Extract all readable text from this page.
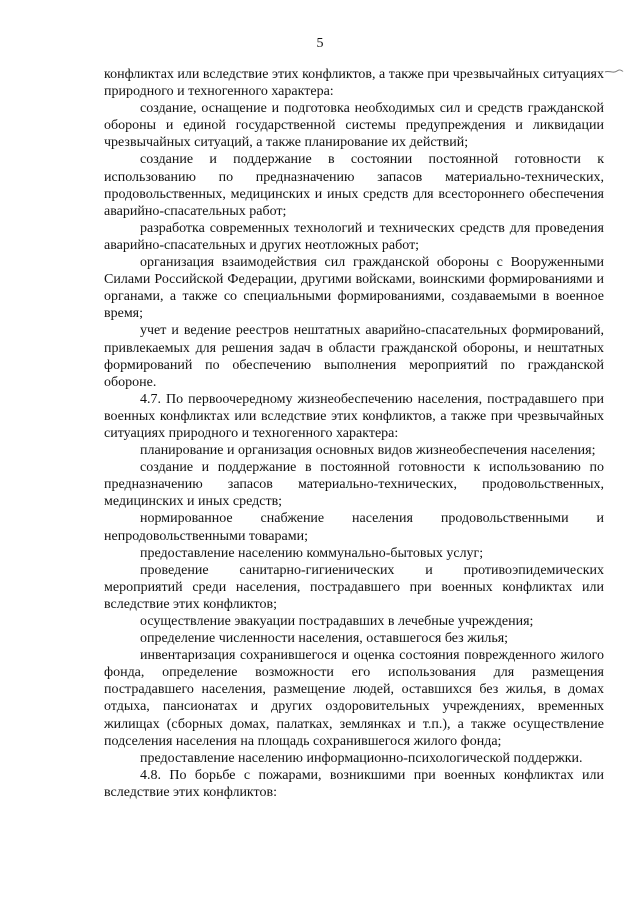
5

конфликтах или вследствие этих конфликтов, а также при чрезвычайных ситуациях природного и техногенного характера:

создание, оснащение и подготовка необходимых сил и средств гражданской обороны и единой государственной системы предупреждения и ликвидации чрезвычайных ситуаций, а также планирование их действий;

создание и поддержание в состоянии постоянной готовности к использованию по предназначению запасов материально-технических, продовольственных, медицинских и иных средств для всестороннего обеспечения аварийно-спасательных работ;

разработка современных технологий и технических средств для проведения аварийно-спасательных и других неотложных работ;

организация взаимодействия сил гражданской обороны с Вооруженными Силами Российской Федерации, другими войсками, воинскими формированиями и органами, а также со специальными формированиями, создаваемыми в военное время;

учет и ведение реестров нештатных аварийно-спасательных формирований, привлекаемых для решения задач в области гражданской обороны, и нештатных формирований по обеспечению выполнения мероприятий по гражданской обороне.

4.7. По первоочередному жизнеобеспечению населения, пострадавшего при военных конфликтах или вследствие этих конфликтов, а также при чрезвычайных ситуациях природного и техногенного характера:

планирование и организация основных видов жизнеобеспечения населения;

создание и поддержание в постоянной готовности к использованию по предназначению запасов материально-технических, продовольственных, медицинских и иных средств;

нормированное снабжение населения продовольственными и непродовольственными товарами;

предоставление населению коммунально-бытовых услуг;

проведение санитарно-гигиенических и противоэпидемических мероприятий среди населения, пострадавшего при военных конфликтах или вследствие этих конфликтов;

осуществление эвакуации пострадавших в лечебные учреждения;

определение численности населения, оставшегося без жилья;

инвентаризация сохранившегося и оценка состояния поврежденного жилого фонда, определение возможности его использования для размещения пострадавшего населения, размещение людей, оставшихся без жилья, в домах отдыха, пансионатах и других оздоровительных учреждениях, временных жилищах (сборных домах, палатках, землянках и т.п.), а также осуществление подселения населения на площадь сохранившегося жилого фонда;

предоставление населению информационно-психологической поддержки.

4.8. По борьбе с пожарами, возникшими при военных конфликтах или вследствие этих конфликтов:
